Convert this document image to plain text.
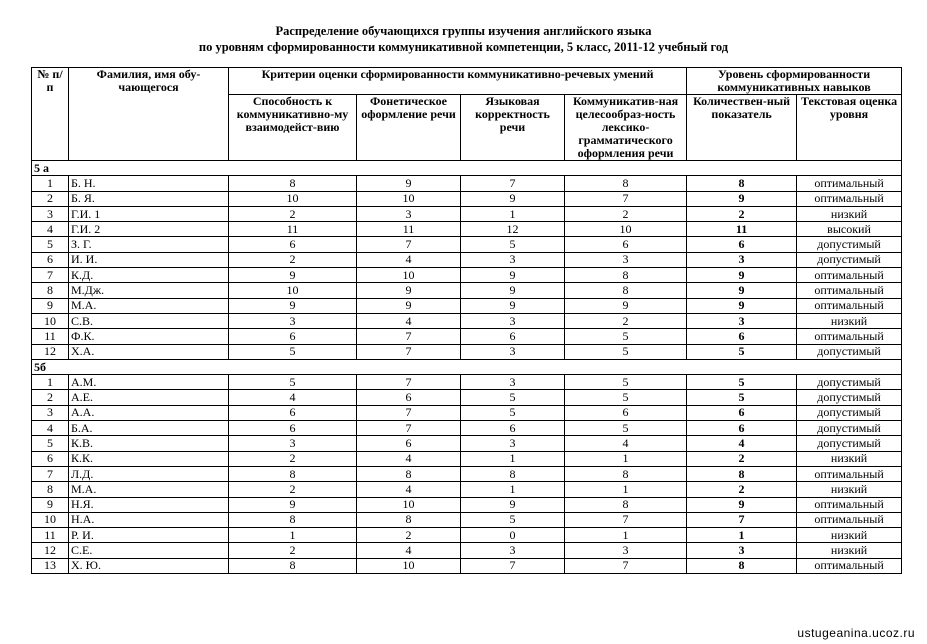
Распределение обучающихся группы изучения английского языка
по уровням сформированности коммуникативной компетенции, 5 класс, 2011-12 учебный год
№ п/п	Фамилия, имя обу-чающегося	Критерии оценки сформированности коммуникативно-речевых умений				Уровень сформированности коммуникативных навыков	
		Способность к коммуникативно-му взаимодейст-вию	Фонетическое оформление речи	Языковая корректность речи	Коммуникатив-ная целесообраз-ность лексико-грамматического оформления речи	Количествен-ный показатель	Текстовая оценка уровня
5 а							
1	Б. Н.	8	9	7	8	8	оптимальный
2	Б. Я.	10	10	9	7	9	оптимальный
3	Г.И. 1	2	3	1	2	2	низкий
4	Г.И. 2	11	11	12	10	11	высокий
5	З. Г.	6	7	5	6	6	допустимый
6	И. И.	2	4	3	3	3	допустимый
7	К.Д.	9	10	9	8	9	оптимальный
8	М.Дж.	10	9	9	8	9	оптимальный
9	М.А.	9	9	9	9	9	оптимальный
10	С.В.	3	4	3	2	3	низкий
11	Ф.К.	6	7	6	5	6	оптимальный
12	Х.А.	5	7	3	5	5	допустимый
5б							
1	А.М.	5	7	3	5	5	допустимый
2	А.Е.	4	6	5	5	5	допустимый
3	А.А.	6	7	5	6	6	допустимый
4	Б.А.	6	7	6	5	6	допустимый
5	К.В.	3	6	3	4	4	допустимый
6	К.К.	2	4	1	1	2	низкий
7	Л.Д.	8	8	8	8	8	оптимальный
8	М.А.	2	4	1	1	2	низкий
9	Н.Я.	9	10	9	8	9	оптимальный
10	Н.А.	8	8	5	7	7	оптимальный
11	Р. И.	1	2	0	1	1	низкий
12	С.Е.	2	4	3	3	3	низкий
13	Х. Ю.	8	10	7	7	8	оптимальный
ustugeanina.ucoz.ru
